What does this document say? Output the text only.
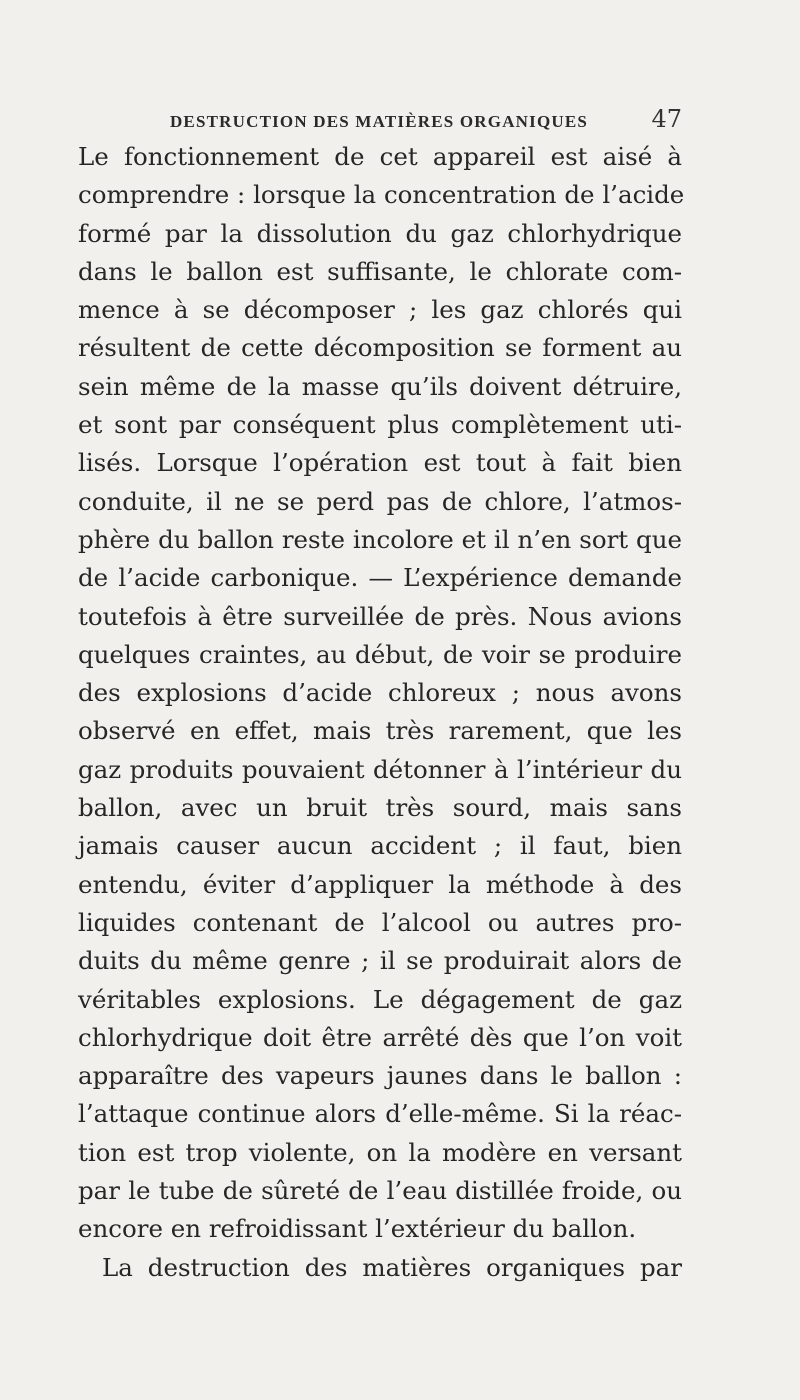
DESTRUCTION DES MATIÈRES ORGANIQUES	47
Le fonctionnement de cet appareil est aisé à
comprendre : lorsque la concentration de l’acide
formé par la dissolution du gaz chlorhydrique
dans le ballon est suffisante, le chlorate com-
mence à se décomposer ; les gaz chlorés qui
résultent de cette décomposition se forment au
sein même de la masse qu’ils doivent détruire,
et sont par conséquent plus complètement uti-
lisés. Lorsque l’opération est tout à fait bien
conduite, il ne se perd pas de chlore, l’atmos-
phère du ballon reste incolore et il n’en sort que
de l’acide carbonique. — L’expérience demande
toutefois à être surveillée de près. Nous avions
quelques craintes, au début, de voir se produire
des explosions d’acide chloreux ; nous avons
observé en effet, mais très rarement, que les
gaz produits pouvaient détonner à l’intérieur du
ballon, avec un bruit très sourd, mais sans
jamais causer aucun accident ; il faut, bien
entendu, éviter d’appliquer la méthode à des
liquides contenant de l’alcool ou autres pro-
duits du même genre ; il se produirait alors de
véritables explosions. Le dégagement de gaz
chlorhydrique doit être arrêté dès que l’on voit
apparaître des vapeurs jaunes dans le ballon :
l’attaque continue alors d’elle-même. Si la réac-
tion est trop violente, on la modère en versant
par le tube de sûreté de l’eau distillée froide, ou
encore en refroidissant l’extérieur du ballon.
La destruction des matières organiques par
